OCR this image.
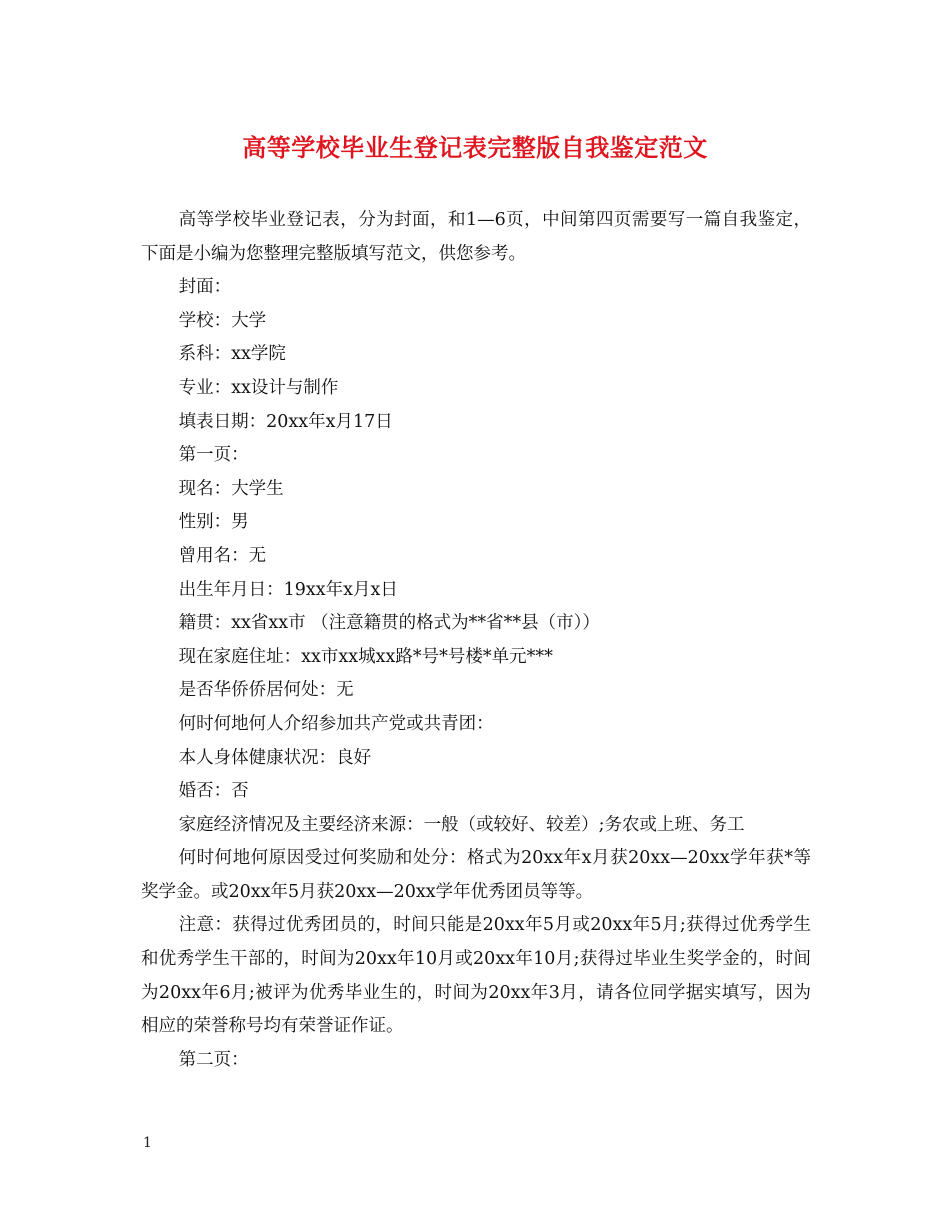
高等学校毕业生登记表完整版自我鉴定范文

高等学校毕业登记表，分为封面，和1—6页，中间第四页需要写一篇自我鉴定，下面是小编为您整理完整版填写范文，供您参考。

封面：

学校：大学

系科：xx学院

专业：xx设计与制作

填表日期：20xx年x月17日

第一页：

现名：大学生

性别：男

曾用名：无

出生年月日：19xx年x月x日

籍贯：xx省xx市 （注意籍贯的格式为**省**县（市））

现在家庭住址：xx市xx城xx路*号*号楼*单元***

是否华侨侨居何处：无

何时何地何人介绍参加共产党或共青团：

本人身体健康状况：良好

婚否：否

家庭经济情况及主要经济来源：一般（或较好、较差）;务农或上班、务工

何时何地何原因受过何奖励和处分：格式为20xx年x月获20xx—20xx学年获*等奖学金。或20xx年5月获20xx—20xx学年优秀团员等等。

注意：获得过优秀团员的，时间只能是20xx年5月或20xx年5月;获得过优秀学生和优秀学生干部的，时间为20xx年10月或20xx年10月;获得过毕业生奖学金的，时间为20xx年6月;被评为优秀毕业生的，时间为20xx年3月，请各位同学据实填写，因为相应的荣誉称号均有荣誉证作证。

第二页：

1
